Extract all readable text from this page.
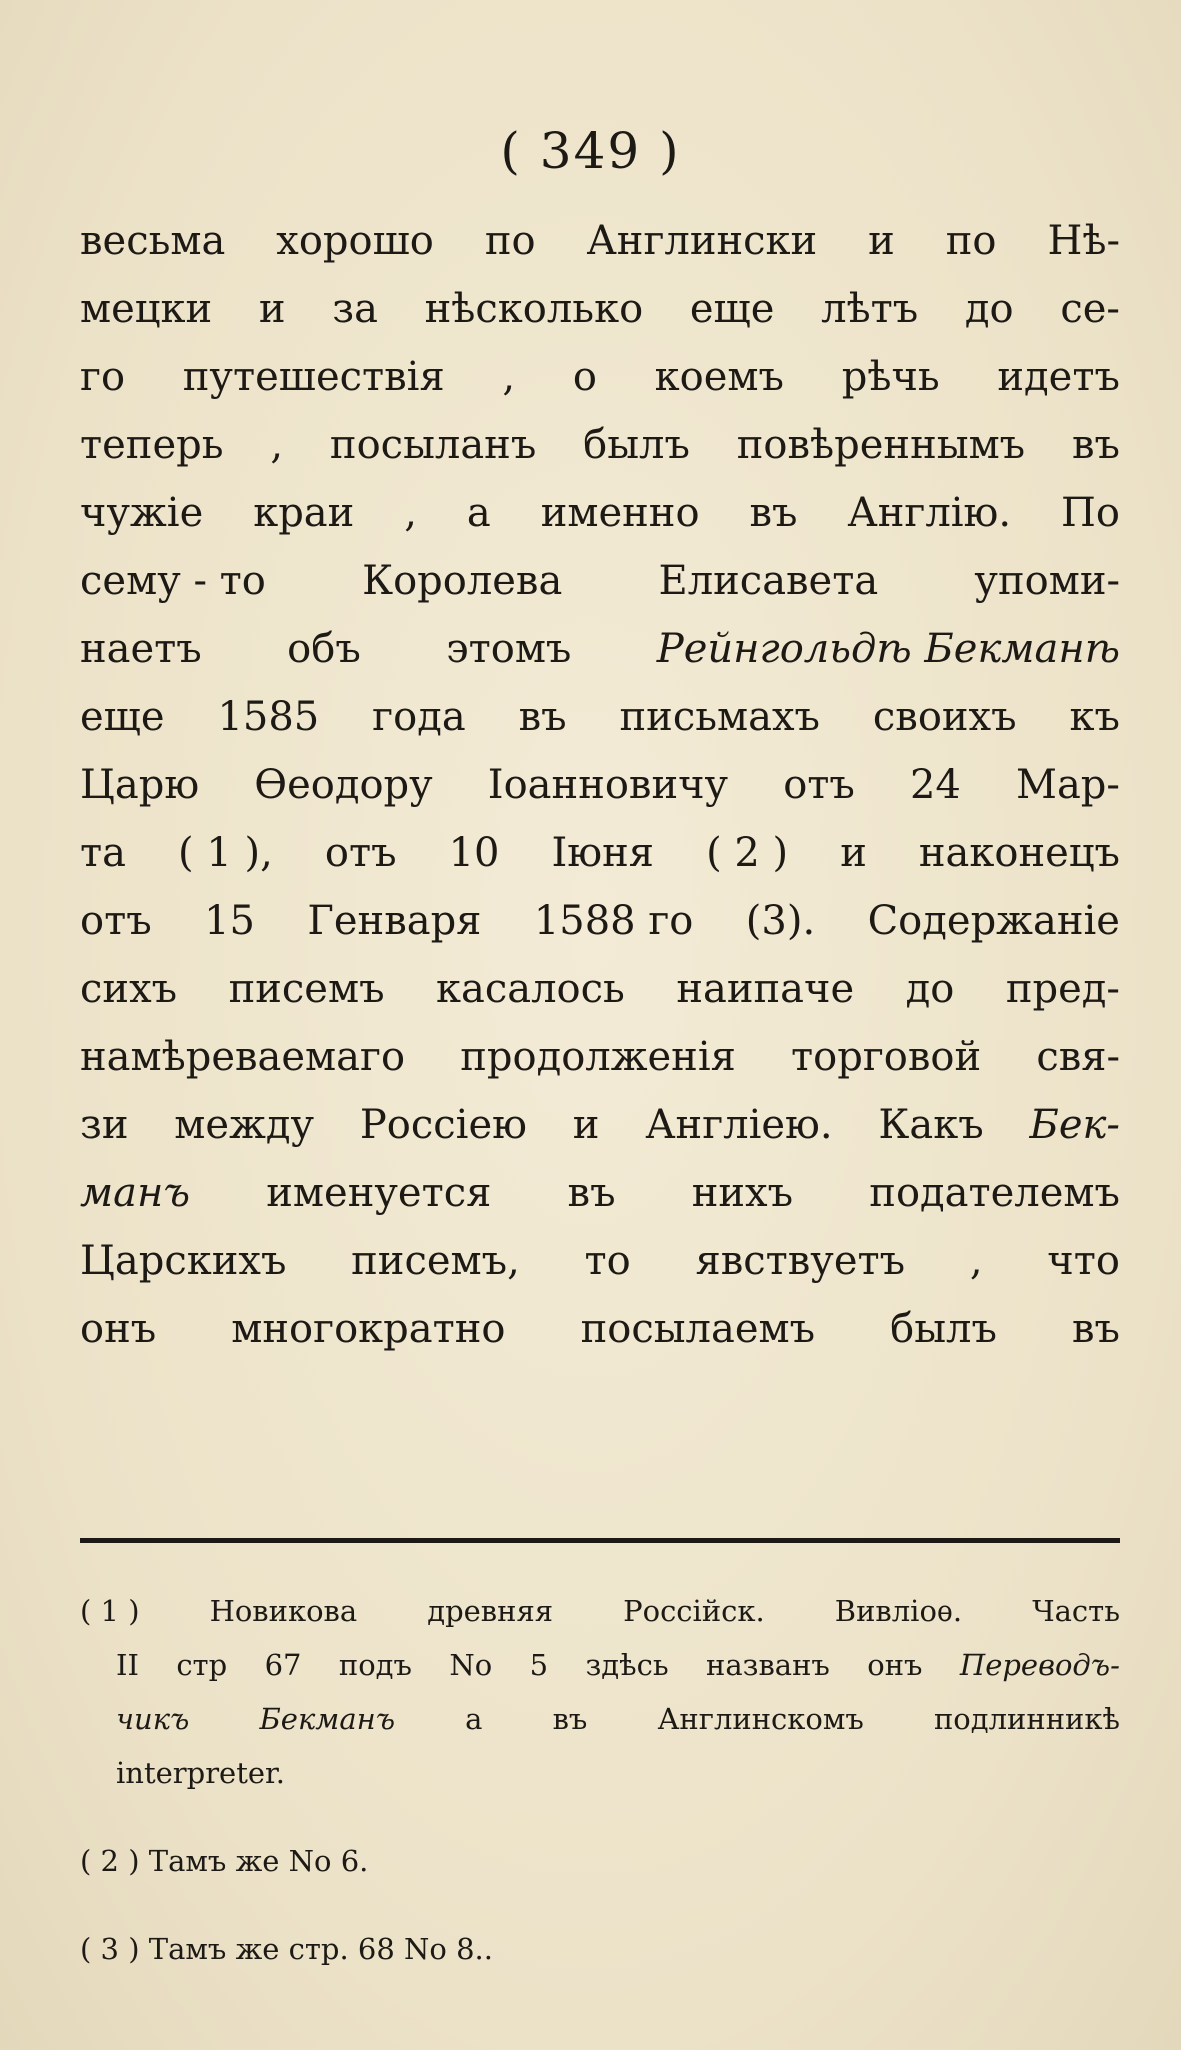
( 349 )
весьма хорошо по Англински и по Нѣ-
мецки и за нѣсколько еще лѣтъ до се-
го путешествія , о коемъ рѣчь идетъ
теперь , посыланъ былъ повѣреннымъ въ
чужіе краи , а именно въ Англію. По
сему - то Королева Елисавета упоми-
наетъ объ этомъ Рейнгольдѣ Бекманѣ
еще 1585 года въ письмахъ своихъ къ
Царю Ѳеодору Іоанновичу отъ 24 Мар-
та ( 1 ), отъ 10 Іюня ( 2 ) и наконецъ
отъ 15 Генваря 1588 го (3). Содержаніе
сихъ писемъ касалось наипаче до пред-
намѣреваемаго продолженія торговой свя-
зи между Россіею и Англіею. Какъ Бек-
манъ именуется въ нихъ подателемъ
Царскихъ писемъ, то явствуетъ , что
онъ многократно посылаемъ былъ въ
( 1 ) Новикова древняя Россійск. Вивліоѳ. Часть
II стр 67 подъ No 5 здѣсь названъ онъ Переводъ-
чикъ Бекманъ а въ Англинскомъ подлинникѣ
interpreter.
( 2 ) Тамъ же No 6.
( 3 ) Тамъ же стр. 68 No 8..
